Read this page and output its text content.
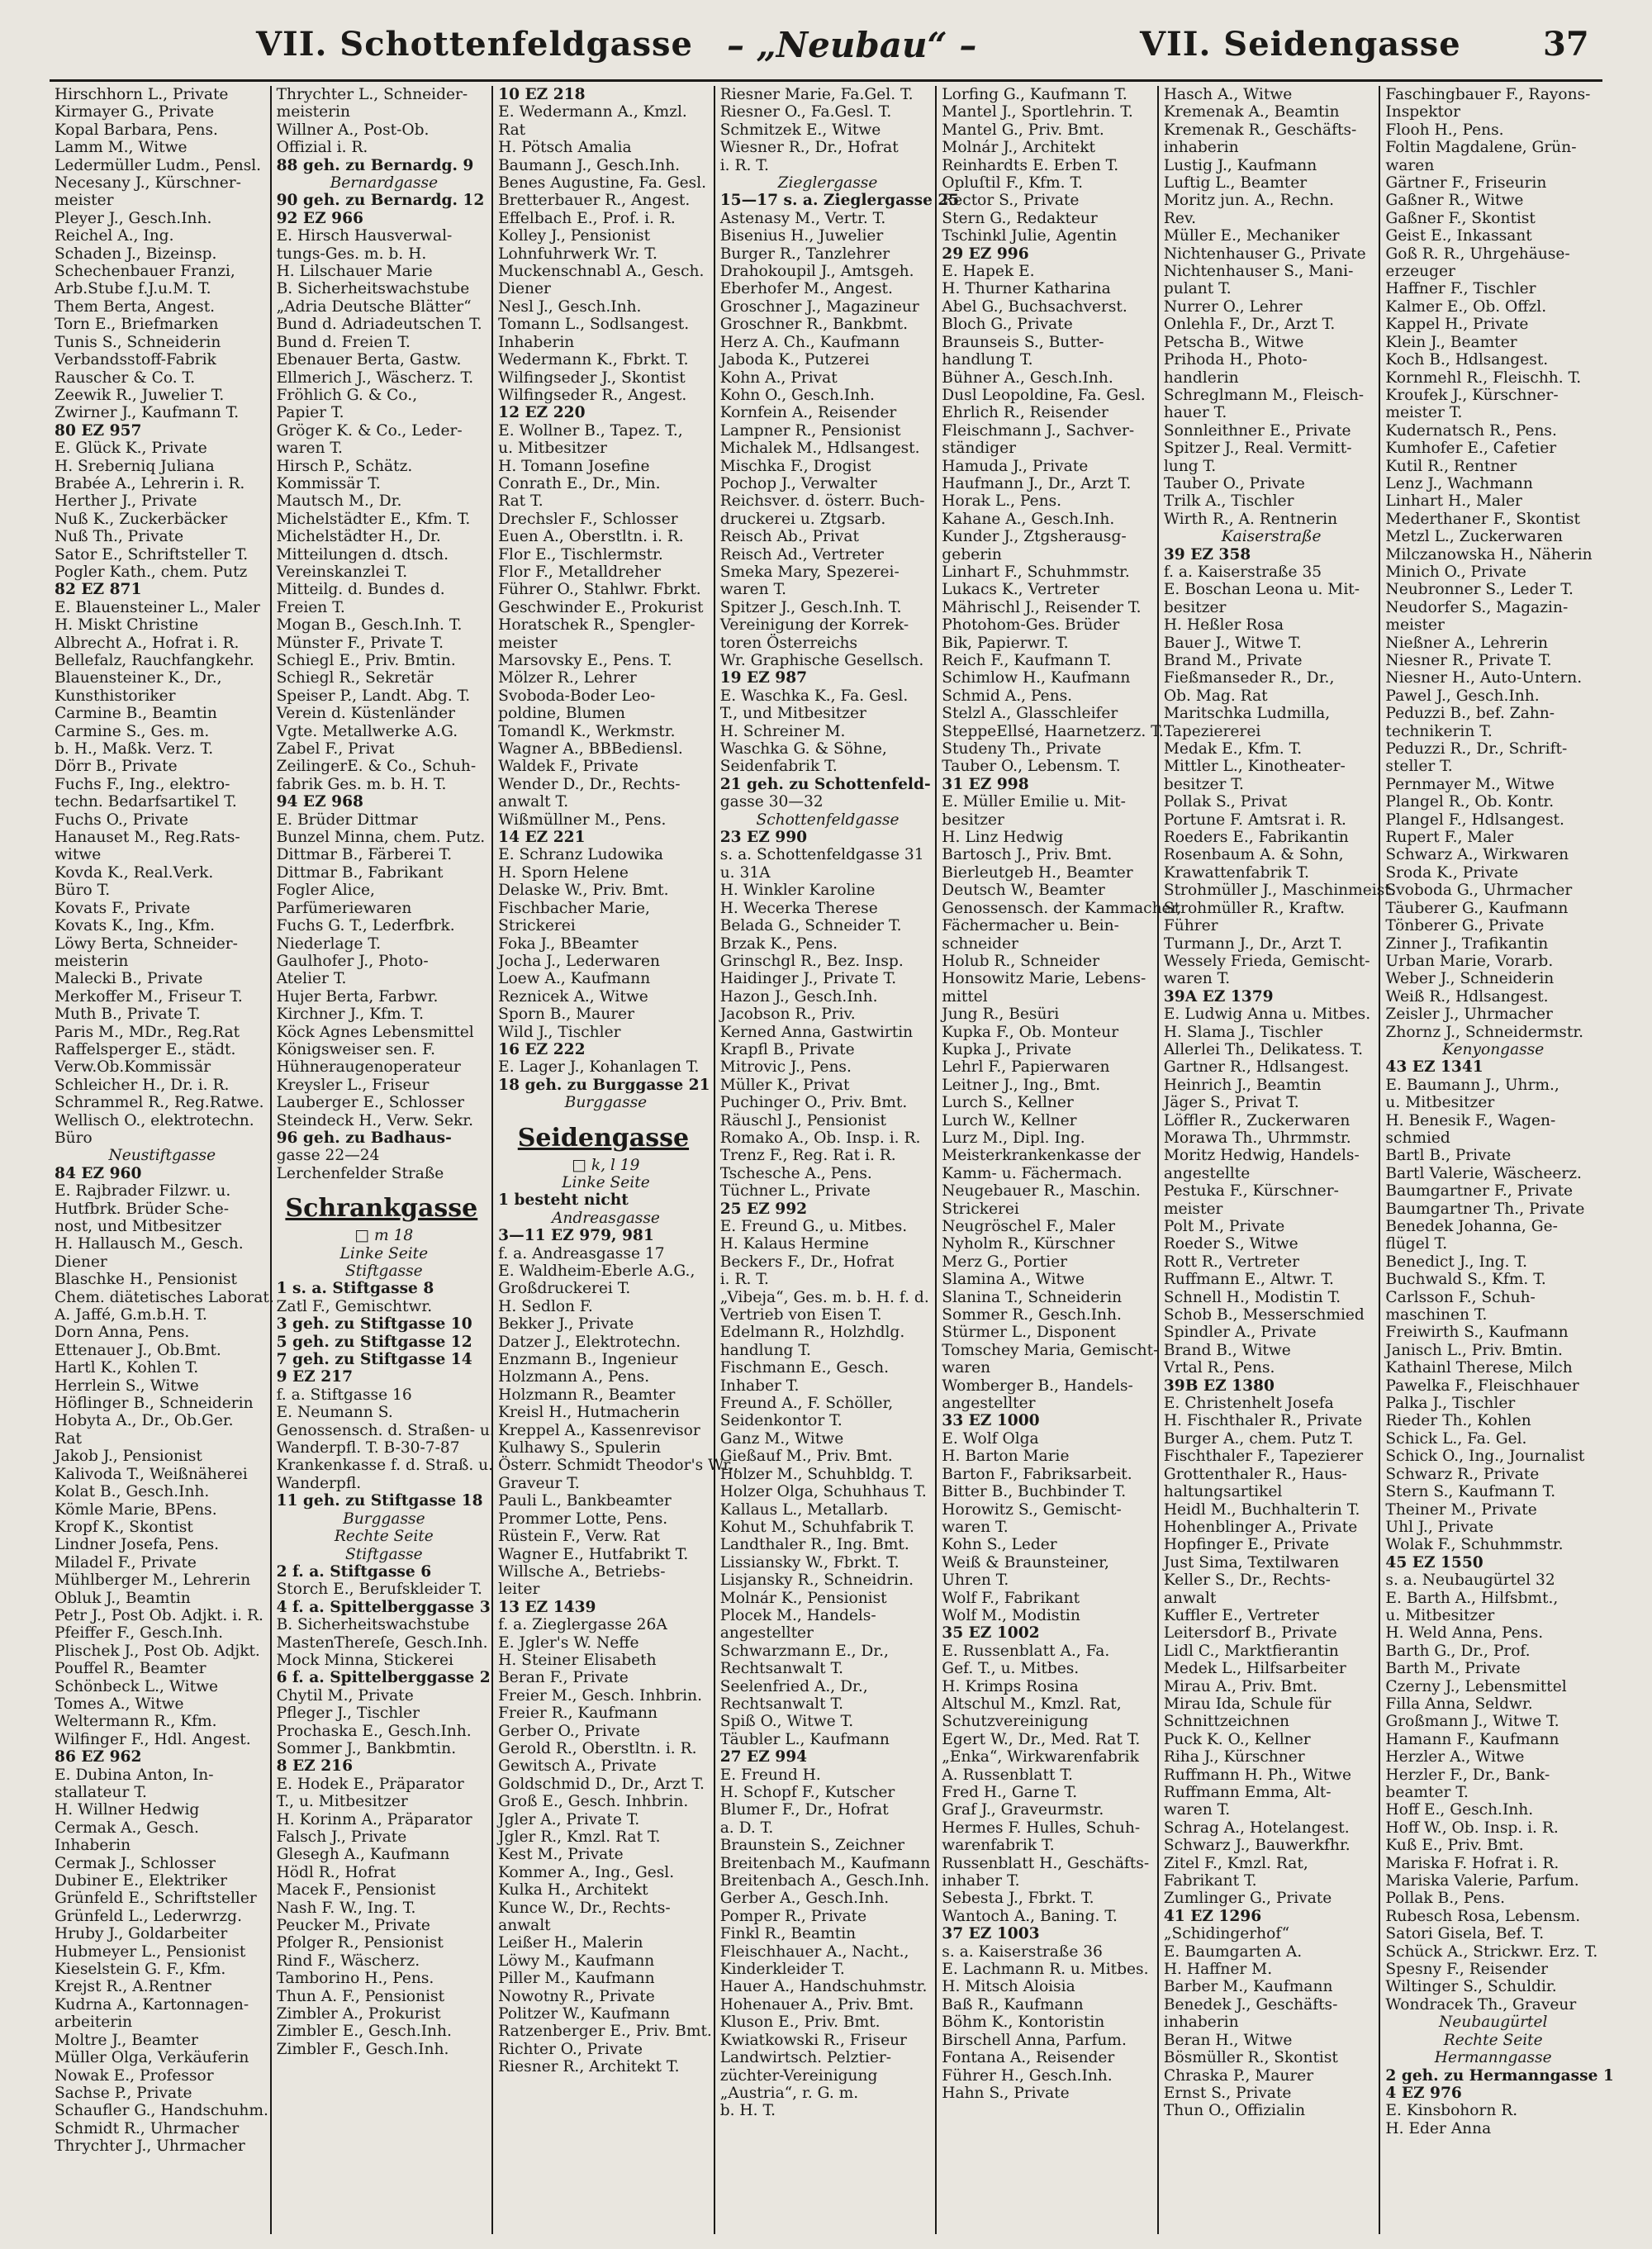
VII. Schottenfeldgasse – „Neubau“ –	VII. Seidengasse 37
Hirschhorn L., Private
Kirmayer G., Private
Kopal Barbara, Pens.
Lamm M., Witwe
Ledermüller Ludm., Pensl.
Necesany J., Kürschner-
meister
Pleyer J., Gesch.Inh.
Reichel A., Ing.
Schaden J., Bizeinsp.
Schechenbauer Franzi,
Arb.Stube f.J.u.M. T.
Them Berta, Angest.
Torn E., Briefmarken
Tunis S., Schneiderin
Verbandsstoff-Fabrik
Rauscher & Co. T.
Zeewik R., Juwelier T.
Zwirner J., Kaufmann T.
80 EZ 957
E. Glück K., Private
H. Sreberniq Juliana
Brabée A., Lehrerin i. R.
Herther J., Private
Nuß K., Zuckerbäcker
Nuß Th., Private
Sator E., Schriftsteller T.
Pogler Kath., chem. Putz
82 EZ 871
E. Blauensteiner L., Maler
H. Miskt Christine
Albrecht A., Hofrat i. R.
Bellefalz, Rauchfangkehr.
Blauensteiner K., Dr.,
Kunsthistoriker
Carmine B., Beamtin
Carmine S., Ges. m.
b. H., Maßk. Verz. T.
Dörr B., Private
Fuchs F., Ing., elektro-
techn. Bedarfsartikel T.
Fuchs O., Private
Hanauset M., Reg.Rats-
witwe
Kovda K., Real.Verk.
Büro T.
Kovats F., Private
Kovats K., Ing., Kfm.
Löwy Berta, Schneider-
meisterin
Malecki B., Private
Merkoffer M., Friseur T.
Muth B., Private T.
Paris M., MDr., Reg.Rat
Raffelsperger E., städt.
Verw.Ob.Kommissär
Schleicher H., Dr. i. R.
Schrammel R., Reg.Ratwe.
Wellisch O., elektrotechn.
Büro
Neustiftgasse
84 EZ 960
E. Rajbrader Filzwr. u.
Hutfbrk. Brüder Sche-
nost, und Mitbesitzer
H. Hallausch M., Gesch.
Diener
Blaschke H., Pensionist
Chem. diätetisches Laborat.
A. Jaffé, G.m.b.H. T.
Dorn Anna, Pens.
Ettenauer J., Ob.Bmt.
Hartl K., Kohlen T.
Herrlein S., Witwe
Höflinger B., Schneiderin
Hobyta A., Dr., Ob.Ger.
Rat
Jakob J., Pensionist
Kalivoda T., Weißnäherei
Kolat B., Gesch.Inh.
Kömle Marie, BPens.
Kropf K., Skontist
Lindner Josefa, Pens.
Miladel F., Private
Mühlberger M., Lehrerin
Obluk J., Beamtin
Petr J., Post Ob. Adjkt. i. R.
Pfeiffer F., Gesch.Inh.
Plischek J., Post Ob. Adjkt.
Pouffel R., Beamter
Schönbeck L., Witwe
Tomes A., Witwe
Weltermann R., Kfm.
Wilfinger F., Hdl. Angest.
86 EZ 962
E. Dubina Anton, In-
stallateur T.
H. Willner Hedwig
Cermak A., Gesch.
Inhaberin
Cermak J., Schlosser
Dubiner E., Elektriker
Grünfeld E., Schriftsteller
Grünfeld L., Lederwrzg.
Hruby J., Goldarbeiter
Hubmeyer L., Pensionist
Kieselstein G. F., Kfm.
Krejst R., A.Rentner
Kudrna A., Kartonnagen-
arbeiterin
Moltre J., Beamter
Müller Olga, Verkäuferin
Nowak E., Professor
Sachse P., Private
Schaufler G., Handschuhm.
Schmidt R., Uhrmacher
Thrychter J., Uhrmacher
Thrychter L., Schneider-
meisterin
Willner A., Post-Ob.
Offizial i. R.
88 geh. zu Bernardg. 9
Bernardgasse
90 geh. zu Bernardg. 12
92 EZ 966
E. Hirsch Hausverwal-
tungs-Ges. m. b. H.
H. Lilschauer Marie
B. Sicherheitswachstube
„Adria Deutsche Blätter“
Bund d. Adriadeutschen T.
Bund d. Freien T.
Ebenauer Berta, Gastw.
Ellmerich J., Wäscherz. T.
Fröhlich G. & Co.,
Papier T.
Gröger K. & Co., Leder-
waren T.
Hirsch P., Schätz.
Kommissär T.
Mautsch M., Dr.
Michelstädter E., Kfm. T.
Michelstädter H., Dr.
Mitteilungen d. dtsch.
Vereinskanzlei T.
Mitteilg. d. Bundes d.
Freien T.
Mogan B., Gesch.Inh. T.
Münster F., Private T.
Schiegl E., Priv. Bmtin.
Schiegl R., Sekretär
Speiser P., Landt. Abg. T.
Verein d. Küstenländer
Vgte. Metallwerke A.G.
Zabel F., Privat
ZeilingerE. & Co., Schuh-
fabrik Ges. m. b. H. T.
94 EZ 968
E. Brüder Dittmar
Bunzel Minna, chem. Putz.
Dittmar B., Färberei T.
Dittmar B., Fabrikant
Fogler Alice,
Parfümeriewaren
Fuchs G. T., Lederfbrk.
Niederlage T.
Gaulhofer J., Photo-
Atelier T.
Hujer Berta, Farbwr.
Kirchner J., Kfm. T.
Köck Agnes Lebensmittel
Königsweiser sen. F.
Hühneraugenoperateur
Kreysler L., Friseur
Lauberger E., Schlosser
Steindeck H., Verw. Sekr.
96 geh. zu Badhaus-
gasse 22—24
Lerchenfelder Straße
Schrankgasse
□ m 18
Linke Seite
Stiftgasse
1 s. a. Stiftgasse 8
Zatl F., Gemischtwr.
3 geh. zu Stiftgasse 10
5 geh. zu Stiftgasse 12
7 geh. zu Stiftgasse 14
9 EZ 217
f. a. Stiftgasse 16
E. Neumann S.
Genossensch. d. Straßen- u.
Wanderpfl. T. B-30-7-87
Krankenkasse f. d. Straß. u.
Wanderpfl.
11 geh. zu Stiftgasse 18
Burggasse
Rechte Seite
Stiftgasse
2 f. a. Stiftgasse 6
Storch E., Berufskleider T.
4 f. a. Spittelberggasse 3
B. Sicherheitswachstube
MastenThereſe, Gesch.Inh.
Mock Minna, Stickerei
6 f. a. Spittelberggasse 2
Chytil M., Private
Pfleger J., Tischler
Prochaska E., Gesch.Inh.
Sommer J., Bankbmtin.
8 EZ 216
E. Hodek E., Präparator
T., u. Mitbesitzer
H. Korinm A., Präparator
Falsch J., Private
Glesegh A., Kaufmann
Hödl R., Hofrat
Macek F., Pensionist
Nash F. W., Ing. T.
Peucker M., Private
Pfolger R., Pensionist
Rind F., Wäscherz.
Tamborino H., Pens.
Thun A. F., Pensionist
Zimbler A., Prokurist
Zimbler E., Gesch.Inh.
Zimbler F., Gesch.Inh.
10 EZ 218
E. Wedermann A., Kmzl.
Rat
H. Pötsch Amalia
Baumann J., Gesch.Inh.
Benes Augustine, Fa. Gesl.
Bretterbauer R., Angest.
Effelbach E., Prof. i. R.
Kolley J., Pensionist
Lohnfuhrwerk Wr. T.
Muckenschnabl A., Gesch.
Diener
Nesl J., Gesch.Inh.
Tomann L., Sodlsangest.
Inhaberin
Wedermann K., Fbrkt. T.
Wilfingseder J., Skontist
Wilfingseder R., Angest.
12 EZ 220
E. Wollner B., Tapez. T.,
u. Mitbesitzer
H. Tomann Josefine
Conrath E., Dr., Min.
Rat T.
Drechsler F., Schlosser
Euen A., Oberstltn. i. R.
Flor E., Tischlermstr.
Flor F., Metalldreher
Führer O., Stahlwr. Fbrkt.
Geschwinder E., Prokurist
Horatschek R., Spengler-
meister
Marsovsky E., Pens. T.
Mölzer R., Lehrer
Svoboda-Boder Leo-
poldine, Blumen
Tomandl K., Werkmstr.
Wagner A., BBBediensl.
Waldek F., Private
Wender D., Dr., Rechts-
anwalt T.
Wißmüllner M., Pens.
14 EZ 221
E. Schranz Ludowika
H. Sporn Helene
Delaske W., Priv. Bmt.
Fischbacher Marie,
Strickerei
Foka J., BBeamter
Jocha J., Lederwaren
Loew A., Kaufmann
Reznicek A., Witwe
Sporn B., Maurer
Wild J., Tischler
16 EZ 222
E. Lager J., Kohanlagen T.
18 geh. zu Burggasse 21
Burggasse
Seidengasse
□ k, l 19
Linke Seite
1 besteht nicht
Andreasgasse
3—11 EZ 979, 981
f. a. Andreasgasse 17
E. Waldheim-Eberle A.G.,
Großdruckerei T.
H. Sedlon F.
Bekker J., Private
Datzer J., Elektrotechn.
Enzmann B., Ingenieur
Holzmann A., Pens.
Holzmann R., Beamter
Kreisl H., Hutmacherin
Kreppel A., Kassenrevisor
Kulhawy S., Spulerin
Österr. Schmidt Theodor's Wr.,
Graveur T.
Pauli L., Bankbeamter
Prommer Lotte, Pens.
Rüstein F., Verw. Rat
Wagner E., Hutfabrikt T.
Willsche A., Betriebs-
leiter
13 EZ 1439
f. a. Zieglergasse 26A
E. Jgler's W. Neffe
H. Steiner Elisabeth
Beran F., Private
Freier M., Gesch. Inhbrin.
Freier R., Kaufmann
Gerber O., Private
Gerold R., Oberstltn. i. R.
Gewitsch A., Private
Goldschmid D., Dr., Arzt T.
Groß E., Gesch. Inhbrin.
Jgler A., Private T.
Jgler R., Kmzl. Rat T.
Kest M., Private
Kommer A., Ing., Gesl.
Kulka H., Architekt
Kunce W., Dr., Rechts-
anwalt
Leißer H., Malerin
Löwy M., Kaufmann
Piller M., Kaufmann
Nowotny R., Private
Politzer W., Kaufmann
Ratzenberger E., Priv. Bmt.
Richter O., Private
Riesner R., Architekt T.
Riesner Marie, Fa.Gel. T.
Riesner O., Fa.Gesl. T.
Schmitzek E., Witwe
Wiesner R., Dr., Hofrat
i. R. T.
Zieglergasse
15—17 s. a. Zieglergasse 25
Astenasy M., Vertr. T.
Bisenius H., Juwelier
Burger R., Tanzlehrer
Drahokoupil J., Amtsgeh.
Eberhofer M., Angest.
Groschner J., Magazineur
Groschner R., Bankbmt.
Herz A. Ch., Kaufmann
Jaboda K., Putzerei
Kohn A., Privat
Kohn O., Gesch.Inh.
Kornfein A., Reisender
Lampner R., Pensionist
Michalek M., Hdlsangest.
Mischka F., Drogist
Pochop J., Verwalter
Reichsver. d. österr. Buch-
druckerei u. Ztgsarb.
Reisch Ab., Privat
Reisch Ad., Vertreter
Smeka Mary, Spezerei-
waren T.
Spitzer J., Gesch.Inh. T.
Vereinigung der Korrek-
toren Österreichs
Wr. Graphische Gesellsch.
19 EZ 987
E. Waschka K., Fa. Gesl.
T., und Mitbesitzer
H. Schreiner M.
Waschka G. & Söhne,
Seidenfabrik T.
21 geh. zu Schottenfeld-
gasse 30—32
Schottenfeldgasse
23 EZ 990
s. a. Schottenfeldgasse 31
u. 31A
H. Winkler Karoline
H. Wecerka Therese
Belada G., Schneider T.
Brzak K., Pens.
Grinschgl R., Bez. Insp.
Haidinger J., Private T.
Hazon J., Gesch.Inh.
Jacobson R., Priv.
Kerned Anna, Gastwirtin
Krapfl B., Private
Mitrovic J., Pens.
Müller K., Privat
Puchinger O., Priv. Bmt.
Räuschl J., Pensionist
Romako A., Ob. Insp. i. R.
Trenz F., Reg. Rat i. R.
Tschesche A., Pens.
Tüchner L., Private
25 EZ 992
E. Freund G., u. Mitbes.
H. Kalaus Hermine
Beckers F., Dr., Hofrat
i. R. T.
„Vibeja“, Ges. m. b. H. f. d.
Vertrieb von Eisen T.
Edelmann R., Holzhdlg.
handlung T.
Fischmann E., Gesch.
Inhaber T.
Freund A., F. Schöller,
Seidenkontor T.
Ganz M., Witwe
Gießauf M., Priv. Bmt.
Holzer M., Schuhbldg. T.
Holzer Olga, Schuhhaus T.
Kallaus L., Metallarb.
Kohut M., Schuhfabrik T.
Landthaler R., Ing. Bmt.
Lissiansky W., Fbrkt. T.
Lisjansky R., Schneidrin.
Molnár K., Pensionist
Plocek M., Handels-
angestellter
Schwarzmann E., Dr.,
Rechtsanwalt T.
Seelenfried A., Dr.,
Rechtsanwalt T.
Spiß O., Witwe T.
Täubler L., Kaufmann
27 EZ 994
E. Freund H.
H. Schopf F., Kutscher
Blumer F., Dr., Hofrat
a. D. T.
Braunstein S., Zeichner
Breitenbach M., Kaufmann
Breitenbach A., Gesch.Inh.
Gerber A., Gesch.Inh.
Pomper R., Private
Finkl R., Beamtin
Fleischhauer A., Nacht.,
Kinderkleider T.
Hauer A., Handschuhmstr.
Hohenauer A., Priv. Bmt.
Kluson E., Priv. Bmt.
Kwiatkowski R., Friseur
Landwirtsch. Pelztier-
züchter-Vereinigung
„Austria“, r. G. m.
b. H. T.
Lorfing G., Kaufmann T.
Mantel J., Sportlehrin. T.
Mantel G., Priv. Bmt.
Molnár J., Architekt
Reinhardts E. Erben T.
Opluſtil F., Kfm. T.
Rector S., Private
Stern G., Redakteur
Tschinkl Julie, Agentin
29 EZ 996
E. Hapek E.
H. Thurner Katharina
Abel G., Buchsachverst.
Bloch G., Private
Braunseis S., Butter-
handlung T.
Bühner A., Gesch.Inh.
Dusl Leopoldine, Fa. Gesl.
Ehrlich R., Reisender
Fleischmann J., Sachver-
ständiger
Hamuda J., Private
Haufmann J., Dr., Arzt T.
Horak L., Pens.
Kahane A., Gesch.Inh.
Kunder J., Ztgsherausg-
geberin
Linhart F., Schuhmmstr.
Lukacs K., Vertreter
Mährischl J., Reisender T.
Photohom-Ges. Brüder
Bik, Papierwr. T.
Reich F., Kaufmann T.
Schimlow H., Kaufmann
Schmid A., Pens.
Stelzl A., Glasschleifer
SteppeEllsé, Haarnetzerz. T.
Studeny Th., Private
Tauber O., Lebensm. T.
31 EZ 998
E. Müller Emilie u. Mit-
besitzer
H. Linz Hedwig
Bartosch J., Priv. Bmt.
Bierleutgeb H., Beamter
Deutsch W., Beamter
Genossensch. der Kammacher,
Fächermacher u. Bein-
schneider
Holub R., Schneider
Honsowitz Marie, Lebens-
mittel
Jung R., Besüri
Kupka F., Ob. Monteur
Kupka J., Private
Lehrl F., Papierwaren
Leitner J., Ing., Bmt.
Lurch S., Kellner
Lurch W., Kellner
Lurz M., Dipl. Ing.
Meisterkrankenkasse der
Kamm- u. Fächermach.
Neugebauer R., Maschin.
Strickerei
Neugröschel F., Maler
Nyholm R., Kürschner
Merz G., Portier
Slamina A., Witwe
Slanina T., Schneiderin
Sommer R., Gesch.Inh.
Stürmer L., Disponent
Tomschey Maria, Gemischt-
waren
Womberger B., Handels-
angestellter
33 EZ 1000
E. Wolf Olga
H. Barton Marie
Barton F., Fabriksarbeit.
Bitter B., Buchbinder T.
Horowitz S., Gemischt-
waren T.
Kohn S., Leder
Weiß & Braunsteiner,
Uhren T.
Wolf F., Fabrikant
Wolf M., Modistin
35 EZ 1002
E. Russenblatt A., Fa.
Gef. T., u. Mitbes.
H. Krimps Rosina
Altschul M., Kmzl. Rat,
Schutzvereinigung
Egert W., Dr., Med. Rat T.
„Enka“, Wirkwarenfabrik
A. Russenblatt T.
Fred H., Garne T.
Graf J., Graveurmstr.
Hermes F. Hulles, Schuh-
warenfabrik T.
Russenblatt H., Geschäfts-
inhaber T.
Sebesta J., Fbrkt. T.
Wantoch A., Baning. T.
37 EZ 1003
s. a. Kaiserstraße 36
E. Lachmann R. u. Mitbes.
H. Mitsch Aloisia
Baß R., Kaufmann
Böhm K., Kontoristin
Birschell Anna, Parfum.
Fontana A., Reisender
Führer H., Gesch.Inh.
Hahn S., Private
Hasch A., Witwe
Kremenak A., Beamtin
Kremenak R., Geschäfts-
inhaberin
Lustig J., Kaufmann
Luftig L., Beamter
Moritz jun. A., Rechn.
Rev.
Müller E., Mechaniker
Nichtenhauser G., Private
Nichtenhauser S., Mani-
pulant T.
Nurrer O., Lehrer
Onlehla F., Dr., Arzt T.
Petscha B., Witwe
Prihoda H., Photo-
handlerin
Schreglmann M., Fleisch-
hauer T.
Sonnleithner E., Private
Spitzer J., Real. Vermitt-
lung T.
Tauber O., Private
Trilk A., Tischler
Wirth R., A. Rentnerin
Kaiserstraße
39 EZ 358
f. a. Kaiserstraße 35
E. Boschan Leona u. Mit-
besitzer
H. Heßler Rosa
Bauer J., Witwe T.
Brand M., Private
Fießmanseder R., Dr.,
Ob. Mag. Rat
Maritschka Ludmilla,
Tapeziererei
Medak E., Kfm. T.
Mittler L., Kinotheater-
besitzer T.
Pollak S., Privat
Portune F. Amtsrat i. R.
Roeders E., Fabrikantin
Rosenbaum A. & Sohn,
Krawattenfabrik T.
Strohmüller J., Maschinmeist.
Strohmüller R., Kraftw.
Führer
Turmann J., Dr., Arzt T.
Wessely Frieda, Gemischt-
waren T.
39A EZ 1379
E. Ludwig Anna u. Mitbes.
H. Slama J., Tischler
Allerlei Th., Delikatess. T.
Gartner R., Hdlsangest.
Heinrich J., Beamtin
Jäger S., Privat T.
Löffler R., Zuckerwaren
Morawa Th., Uhrmmstr.
Moritz Hedwig, Handels-
angestellte
Pestuka F., Kürschner-
meister
Polt M., Private
Roeder S., Witwe
Rott R., Vertreter
Ruffmann E., Altwr. T.
Schnell H., Modistin T.
Schob B., Messerschmied
Spindler A., Private
Brand B., Witwe
Vrtal R., Pens.
39B EZ 1380
E. Christenhelt Josefa
H. Fischthaler R., Private
Burger A., chem. Putz T.
Fischthaler F., Tapezierer
Grottenthaler R., Haus-
haltungsartikel
Heidl M., Buchhalterin T.
Hohenblinger A., Private
Hopfinger E., Private
Just Sima, Textilwaren
Keller S., Dr., Rechts-
anwalt
Kuffler E., Vertreter
Leitersdorf B., Private
Lidl C., Marktfierantin
Medek L., Hilfsarbeiter
Mirau A., Priv. Bmt.
Mirau Ida, Schule für
Schnittzeichnen
Puck K. O., Kellner
Riha J., Kürschner
Ruffmann H. Ph., Witwe
Ruffmann Emma, Alt-
waren T.
Schrag A., Hotelangest.
Schwarz J., Bauwerkfhr.
Zitel F., Kmzl. Rat,
Fabrikant T.
Zumlinger G., Private
41 EZ 1296
„Schidingerhof“
E. Baumgarten A.
H. Haffner M.
Barber M., Kaufmann
Benedek J., Geschäfts-
inhaberin
Beran H., Witwe
Bösmüller R., Skontist
Chraska P., Maurer
Ernst S., Private
Thun O., Offizialin
Faschingbauer F., Rayons-
Inspektor
Flooh H., Pens.
Foltin Magdalene, Grün-
waren
Gärtner F., Friseurin
Gaßner R., Witwe
Gaßner F., Skontist
Geist E., Inkassant
Goß R. R., Uhrgehäuse-
erzeuger
Haffner F., Tischler
Kalmer E., Ob. Offzl.
Kappel H., Private
Klein J., Beamter
Koch B., Hdlsangest.
Kornmehl R., Fleischh. T.
Kroufek J., Kürschner-
meister T.
Kudernatsch R., Pens.
Kumhofer E., Cafetier
Kutil R., Rentner
Lenz J., Wachmann
Linhart H., Maler
Mederthaner F., Skontist
Metzl L., Zuckerwaren
Milczanowska H., Näherin
Minich O., Private
Neubronner S., Leder T.
Neudorfer S., Magazin-
meister
Nießner A., Lehrerin
Niesner R., Private T.
Niesner H., Auto-Untern.
Pawel J., Gesch.Inh.
Peduzzi B., bef. Zahn-
technikerin T.
Peduzzi R., Dr., Schrift-
steller T.
Pernmayer M., Witwe
Plangel R., Ob. Kontr.
Plangel F., Hdlsangest.
Rupert F., Maler
Schwarz A., Wirkwaren
Sroda K., Private
Svoboda G., Uhrmacher
Täuberer G., Kaufmann
Tönberer G., Private
Zinner J., Trafikantin
Urban Marie, Vorarb.
Weber J., Schneiderin
Weiß R., Hdlsangest.
Zeisler J., Uhrmacher
Zhornz J., Schneidermstr.
Kenyongasse
43 EZ 1341
E. Baumann J., Uhrm.,
u. Mitbesitzer
H. Benesik F., Wagen-
schmied
Bartl B., Private
Bartl Valerie, Wäscheerz.
Baumgartner F., Private
Baumgartner Th., Private
Benedek Johanna, Ge-
flügel T.
Benedict J., Ing. T.
Buchwald S., Kfm. T.
Carlsson F., Schuh-
maschinen T.
Freiwirth S., Kaufmann
Janisch L., Priv. Bmtin.
Kathainl Therese, Milch
Pawelka F., Fleischhauer
Palka J., Tischler
Rieder Th., Kohlen
Schick L., Fa. Gel.
Schick O., Ing., Journalist
Schwarz R., Private
Stern S., Kaufmann T.
Theiner M., Private
Uhl J., Private
Wolak F., Schuhmmstr.
45 EZ 1550
s. a. Neubaugürtel 32
E. Barth A., Hilfsbmt.,
u. Mitbesitzer
H. Weld Anna, Pens.
Barth G., Dr., Prof.
Barth M., Private
Czerny J., Lebensmittel
Filla Anna, Seldwr.
Großmann J., Witwe T.
Hamann F., Kaufmann
Herzler A., Witwe
Herzler F., Dr., Bank-
beamter T.
Hoff E., Gesch.Inh.
Hoff W., Ob. Insp. i. R.
Kuß E., Priv. Bmt.
Mariska F. Hofrat i. R.
Mariska Valerie, Parfum.
Pollak B., Pens.
Rubesch Rosa, Lebensm.
Satori Gisela, Bef. T.
Schück A., Strickwr. Erz. T.
Spesny F., Reisender
Wiltinger S., Schuldir.
Wondracek Th., Graveur
Neubaugürtel
Rechte Seite
Hermanngasse
2 geh. zu Hermanngasse 1
4 EZ 976
E. Kinsbohorn R.
H. Eder Anna
